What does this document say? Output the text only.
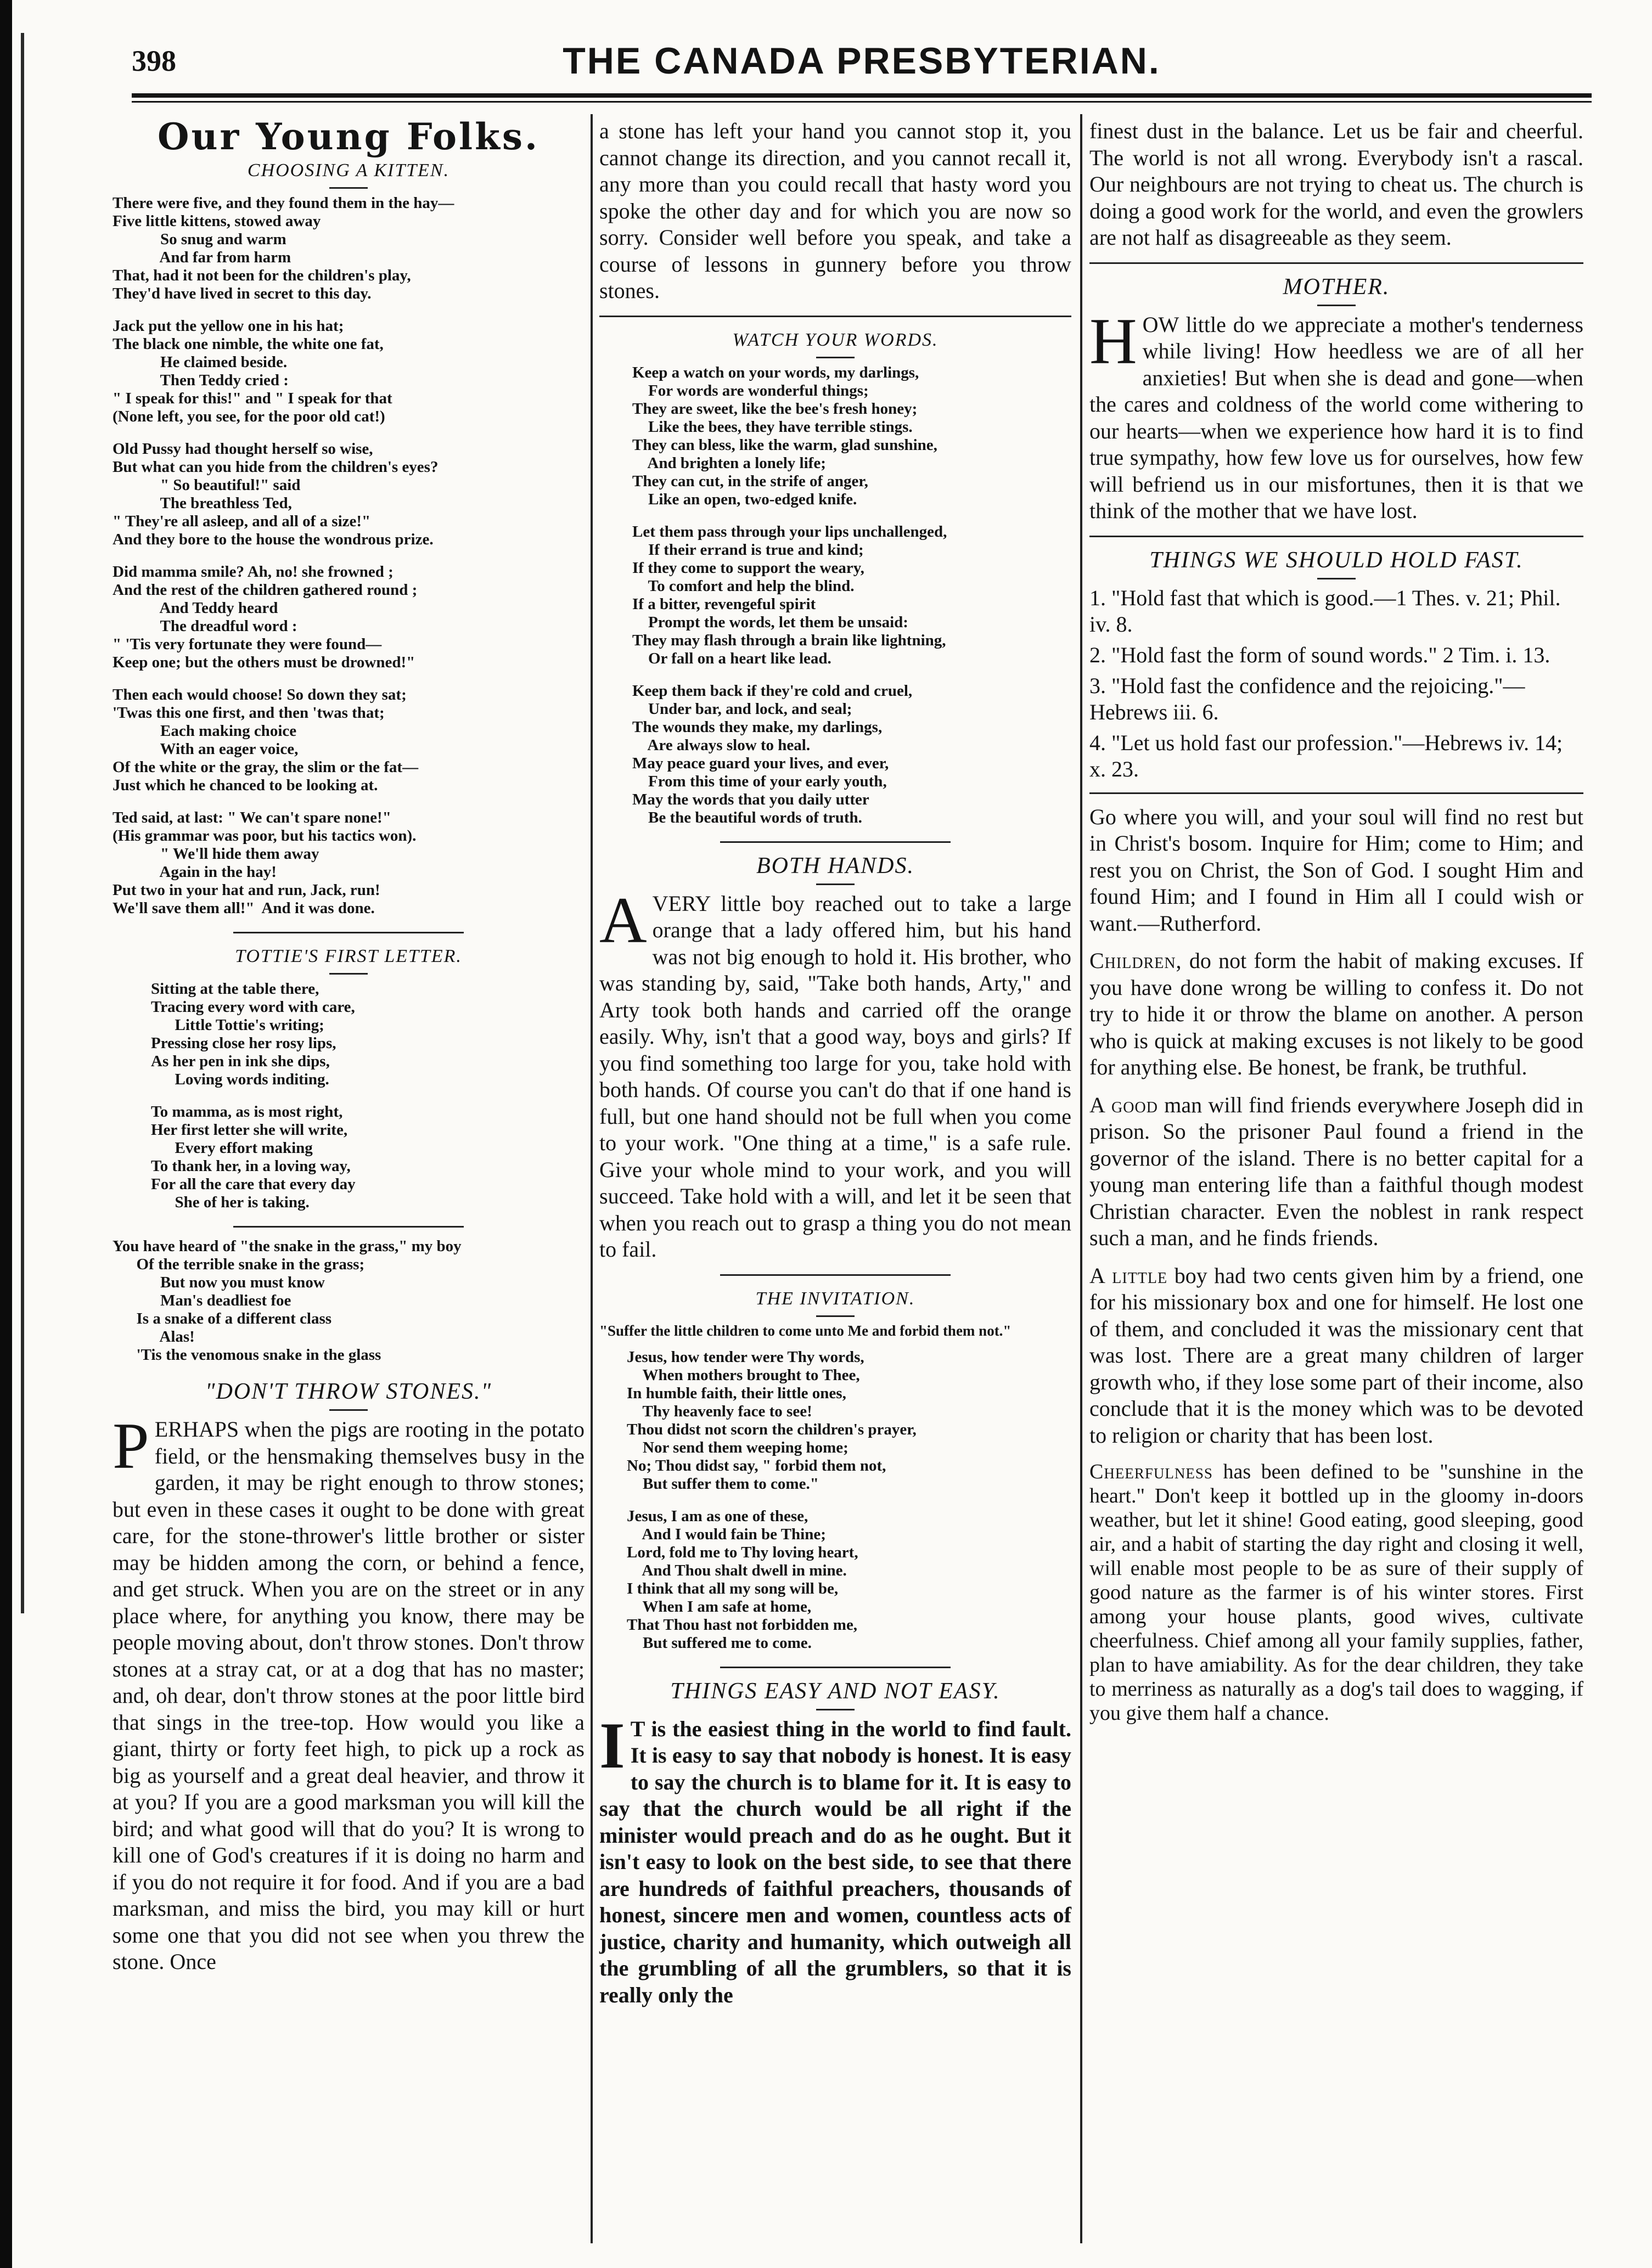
398	THE CANADA PRESBYTERIAN.
Our Young Folks.
CHOOSING A KITTEN.
There were five, and they found them in the hay—
Five little kittens, stowed away
So snug and warm
And far from harm
That, had it not been for the children's play,
They'd have lived in secret to this day.
Jack put the yellow one in his hat;
The black one nimble, the white one fat,
He claimed beside.
Then Teddy cried :
" I speak for this!" and " I speak for that
(None left, you see, for the poor old cat!)
Old Pussy had thought herself so wise,
But what can you hide from the children's eyes?
" So beautiful!" said
The breathless Ted,
" They're all asleep, and all of a size!"
And they bore to the house the wondrous prize.
Did mamma smile? Ah, no! she frowned ;
And the rest of the children gathered round ;
And Teddy heard
The dreadful word :
" 'Tis very fortunate they were found—
Keep one; but the others must be drowned!"
Then each would choose! So down they sat;
'Twas this one first, and then 'twas that;
Each making choice
With an eager voice,
Of the white or the gray, the slim or the fat—
Just which he chanced to be looking at.
Ted said, at last: " We can't spare none!"
(His grammar was poor, but his tactics won).
" We'll hide them away
Again in the hay!
Put two in your hat and run, Jack, run!
We'll save them all!"  And it was done.
TOTTIE'S FIRST LETTER.
Sitting at the table there,
Tracing every word with care,
Little Tottie's writing;
Pressing close her rosy lips,
As her pen in ink she dips,
Loving words inditing.
To mamma, as is most right,
Her first letter she will write,
Every effort making
To thank her, in a loving way,
For all the care that every day
She of her is taking.
You have heard of "the snake in the grass," my boy
Of the terrible snake in the grass;
But now you must know
Man's deadliest foe
Is a snake of a different class
Alas!
'Tis the venomous snake in the glass
"DON'T THROW STONES."

PERHAPS when the pigs are rooting in the potato field, or the hensmaking themselves busy in the garden, it may be right enough to throw stones; but even in these cases it ought to be done with great care, for the stone-thrower's little brother or sister may be hidden among the corn, or behind a fence, and get struck. When you are on the street or in any place where, for anything you know, there may be people moving about, don't throw stones. Don't throw stones at a stray cat, or at a dog that has no master; and, oh dear, don't throw stones at the poor little bird that sings in the tree-top. How would you like a giant, thirty or forty feet high, to pick up a rock as big as yourself and a great deal heavier, and throw it at you? If you are a good marksman you will kill the bird; and what good will that do you? It is wrong to kill one of God's creatures if it is doing no harm and if you do not require it for food. And if you are a bad marksman, and miss the bird, you may kill or hurt some one that you did not see when you threw the stone. Once

a stone has left your hand you cannot stop it, you cannot change its direction, and you cannot recall it, any more than you could recall that hasty word you spoke the other day and for which you are now so sorry. Consider well before you speak, and take a course of lessons in gunnery before you throw stones.

WATCH YOUR WORDS.
Keep a watch on your words, my darlings,
For words are wonderful things;
They are sweet, like the bee's fresh honey;
Like the bees, they have terrible stings.
They can bless, like the warm, glad sunshine,
And brighten a lonely life;
They can cut, in the strife of anger,
Like an open, two-edged knife.
Let them pass through your lips unchallenged,
If their errand is true and kind;
If they come to support the weary,
To comfort and help the blind.
If a bitter, revengeful spirit
Prompt the words, let them be unsaid:
They may flash through a brain like lightning,
Or fall on a heart like lead.
Keep them back if they're cold and cruel,
Under bar, and lock, and seal;
The wounds they make, my darlings,
Are always slow to heal.
May peace guard your lives, and ever,
From this time of your early youth,
May the words that you daily utter
Be the beautiful words of truth.
BOTH HANDS.

AVERY little boy reached out to take a large orange that a lady offered him, but his hand was not big enough to hold it. His brother, who was standing by, said, "Take both hands, Arty," and Arty took both hands and carried off the orange easily. Why, isn't that a good way, boys and girls? If you find something too large for you, take hold with both hands. Of course you can't do that if one hand is full, but one hand should not be full when you come to your work. "One thing at a time," is a safe rule. Give your whole mind to your work, and you will succeed. Take hold with a will, and let it be seen that when you reach out to grasp a thing you do not mean to fail.

THE INVITATION.
"Suffer the little children to come unto Me and forbid them not."
Jesus, how tender were Thy words,
When mothers brought to Thee,
In humble faith, their little ones,
Thy heavenly face to see!
Thou didst not scorn the children's prayer,
Nor send them weeping home;
No; Thou didst say, " forbid them not,
But suffer them to come."
Jesus, I am as one of these,
And I would fain be Thine;
Lord, fold me to Thy loving heart,
And Thou shalt dwell in mine.
I think that all my song will be,
When I am safe at home,
That Thou hast not forbidden me,
But suffered me to come.
THINGS EASY AND NOT EASY.

I T is the easiest thing in the world to find fault. It is easy to say that nobody is honest. It is easy to say the church is to blame for it. It is easy to say that the church would be all right if the minister would preach and do as he ought. But it isn't easy to look on the best side, to see that there are hundreds of faithful preachers, thousands of honest, sincere men and women, countless acts of justice, charity and humanity, which outweigh all the grumbling of all the grumblers, so that it is really only the

finest dust in the balance. Let us be fair and cheerful. The world is not all wrong. Everybody isn't a rascal. Our neighbours are not trying to cheat us. The church is doing a good work for the world, and even the growlers are not half as disagreeable as they seem.

MOTHER.

HOW little do we appreciate a mother's tenderness while living! How heedless we are of all her anxieties! But when she is dead and gone—when the cares and coldness of the world come withering to our hearts—when we experience how hard it is to find true sympathy, how few love us for ourselves, how few will befriend us in our misfortunes, then it is that we think of the mother that we have lost.

THINGS WE SHOULD HOLD FAST.
1. "Hold fast that which is good.—1 Thes. v. 21; Phil. iv. 8.
2. "Hold fast the form of sound words." 2 Tim. i. 13.
3. "Hold fast the confidence and the rejoicing."—Hebrews iii. 6.
4. "Let us hold fast our profession."—Hebrews iv. 14; x. 23.

Go where you will, and your soul will find no rest but in Christ's bosom. Inquire for Him; come to Him; and rest you on Christ, the Son of God. I sought Him and found Him; and I found in Him all I could wish or want.—Rutherford.

Children, do not form the habit of making excuses. If you have done wrong be willing to confess it. Do not try to hide it or throw the blame on another. A person who is quick at making excuses is not likely to be good for anything else. Be honest, be frank, be truthful.

A good man will find friends everywhere Joseph did in prison. So the prisoner Paul found a friend in the governor of the island. There is no better capital for a young man entering life than a faithful though modest Christian character. Even the noblest in rank respect such a man, and he finds friends.

A little boy had two cents given him by a friend, one for his missionary box and one for himself. He lost one of them, and concluded it was the missionary cent that was lost. There are a great many children of larger growth who, if they lose some part of their income, also conclude that it is the money which was to be devoted to religion or charity that has been lost.

Cheerfulness has been defined to be "sunshine in the heart." Don't keep it bottled up in the gloomy in-doors weather, but let it shine! Good eating, good sleeping, good air, and a habit of starting the day right and closing it well, will enable most people to be as sure of their supply of good nature as the farmer is of his winter stores. First among your house plants, good wives, cultivate cheerfulness. Chief among all your family supplies, father, plan to have amiability. As for the dear children, they take to merriness as naturally as a dog's tail does to wagging, if you give them half a chance.
